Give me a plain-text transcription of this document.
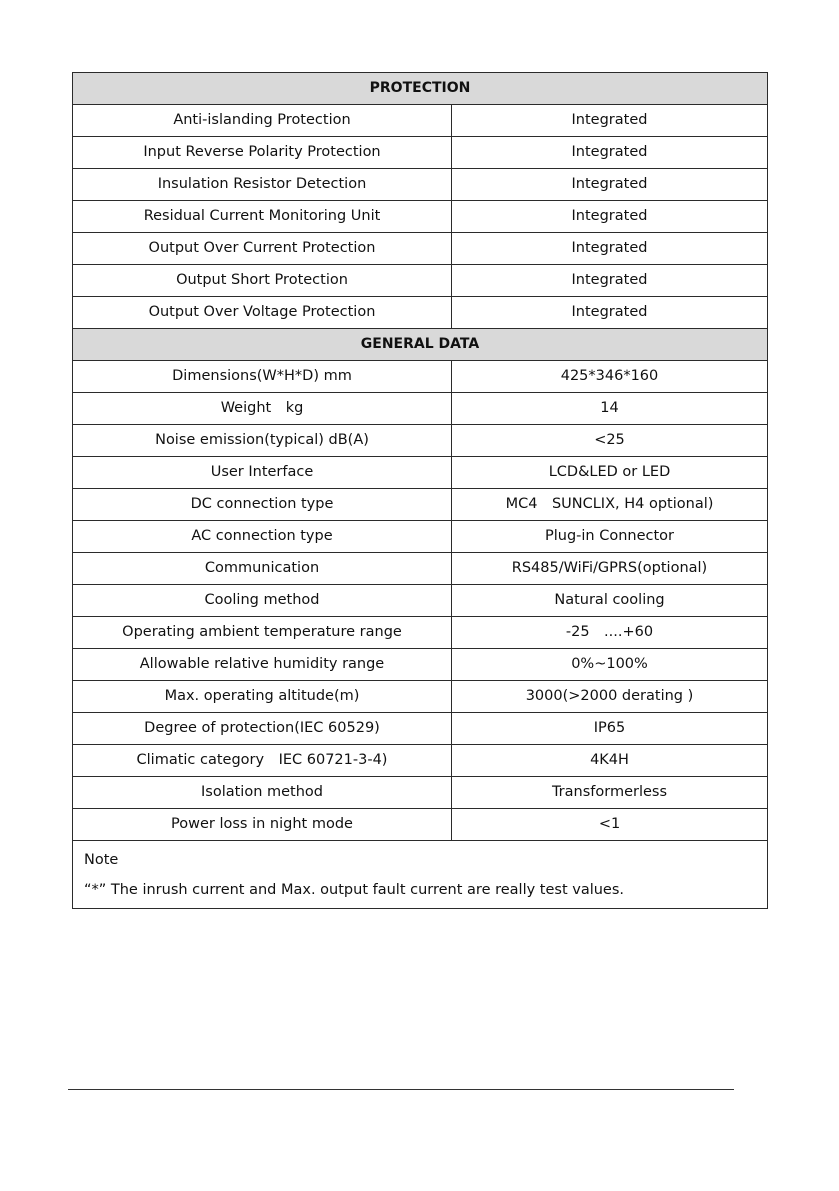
PROTECTION	
Anti-islanding Protection	Integrated
Input Reverse Polarity Protection	Integrated
Insulation Resistor Detection	Integrated
Residual Current Monitoring Unit	Integrated
Output Over Current Protection	Integrated
Output Short Protection	Integrated
Output Over Voltage Protection	Integrated
GENERAL DATA	
Dimensions(W*H*D) mm	425*346*160
Weight　kg	14
Noise emission(typical) dB(A)	<25
User Interface	LCD&LED or LED
DC connection type	MC4　SUNCLIX, H4 optional)
AC connection type	Plug-in Connector
Communication	RS485/WiFi/GPRS(optional)
Cooling method	Natural cooling
Operating ambient temperature range	-25　....+60
Allowable relative humidity range	0%~100%
Max. operating altitude(m)	3000(>2000 derating )
Degree of protection(IEC 60529)	IP65
Climatic category　IEC 60721-3-4)	4K4H
Isolation method	Transformerless
Power loss in night mode	<1

Note
“*” The inrush current and Max. output fault current are really test values.	
